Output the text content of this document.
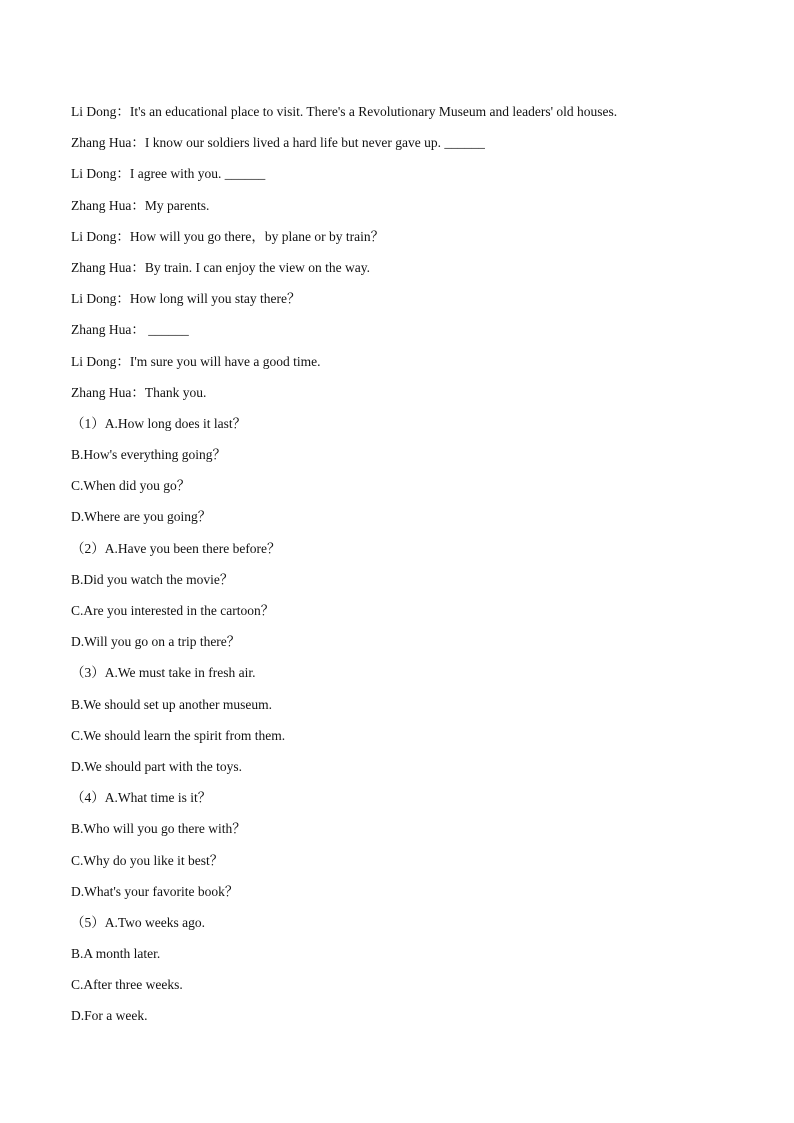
Li Dong：It's an educational place to visit. There's a Revolutionary Museum and leaders' old houses.
Zhang Hua：I know our soldiers lived a hard life but never gave up. ______
Li Dong：I agree with you. ______
Zhang Hua：My parents.
Li Dong：How will you go there，by plane or by train？
Zhang Hua：By train. I can enjoy the view on the way.
Li Dong：How long will you stay there？
Zhang Hua： ______
Li Dong：I'm sure you will have a good time.
Zhang Hua：Thank you.
（1）A.How long does it last？
B.How's everything going？
C.When did you go？
D.Where are you going？
（2）A.Have you been there before？
B.Did you watch the movie？
C.Are you interested in the cartoon？
D.Will you go on a trip there？
（3）A.We must take in fresh air.
B.We should set up another museum.
C.We should learn the spirit from them.
D.We should part with the toys.
（4）A.What time is it？
B.Who will you go there with？
C.Why do you like it best？
D.What's your favorite book？
（5）A.Two weeks ago.
B.A month later.
C.After three weeks.
D.For a week.
